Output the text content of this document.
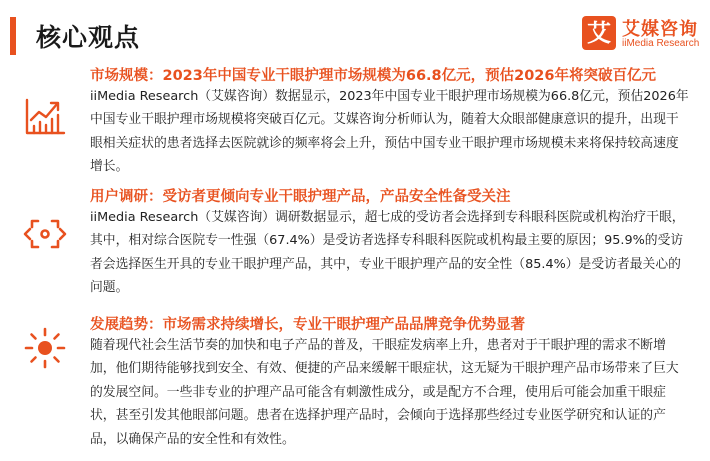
核心观点	艾 艾媒咨询
iiMedia Research
市场规模：2023年中国专业干眼护理市场规模为66.8亿元，预估2026年将突破百亿元

iiMedia Research（艾媒咨询）数据显示，2023年中国专业干眼护理市场规模为66.8亿元，预估2026年中国专业干眼护理市场规模将突破百亿元。艾媒咨询分析师认为，随着大众眼部健康意识的提升，出现干眼相关症状的患者选择去医院就诊的频率将会上升，预估中国专业干眼护理市场规模未来将保持较高速度增长。

用户调研：受访者更倾向专业干眼护理产品，产品安全性备受关注

iiMedia Research（艾媒咨询）调研数据显示，超七成的受访者会选择到专科眼科医院或机构治疗干眼，其中，相对综合医院专一性强（67.4%）是受访者选择专科眼科医院或机构最主要的原因；95.9%的受访者会选择医生开具的专业干眼护理产品，其中，专业干眼护理产品的安全性（85.4%）是受访者最关心的问题。

发展趋势：市场需求持续增长，专业干眼护理产品品牌竞争优势显著

随着现代社会生活节奏的加快和电子产品的普及，干眼症发病率上升，患者对于干眼护理的需求不断增加，他们期待能够找到安全、有效、便捷的产品来缓解干眼症状，这无疑为干眼护理产品市场带来了巨大的发展空间。一些非专业的护理产品可能含有刺激性成分，或是配方不合理，使用后可能会加重干眼症状，甚至引发其他眼部问题。患者在选择护理产品时，会倾向于选择那些经过专业医学研究和认证的产品，以确保产品的安全性和有效性。
